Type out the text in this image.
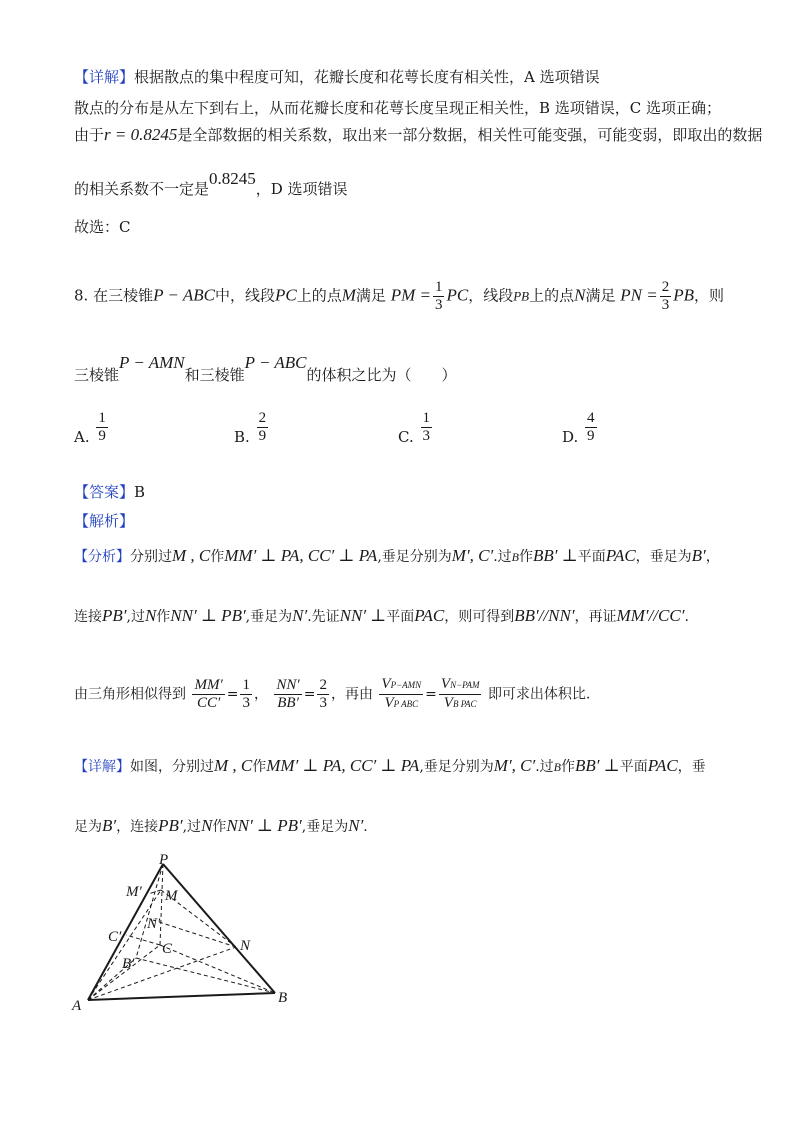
【详解】根据散点的集中程度可知，花瓣长度和花萼长度有相关性，A 选项错误
散点的分布是从左下到右上，从而花瓣长度和花萼长度呈现正相关性，B 选项错误，C 选项正确；
由于r = 0.8245是全部数据的相关系数，取出来一部分数据，相关性可能变强，可能变弱，即取出的数据
的相关系数不一定是0.8245，D 选项错误
故选：C
8. 在三棱锥P − ABC中，线段PC上的点M满足 PM = $\frac{1}{3}$ PC，线段PB上的点N满足 PN = $\frac{2}{3}$ PB，则
三棱锥P − AMN和三棱锥P − ABC的体积之比为（　　）
A. $\frac{1}{9}$	B. $\frac{2}{9}$	C. $\frac{1}{3}$	D. $\frac{4}{9}$
【答案】B
【解析】
【分析】分别过M , C作MM′ ⊥ PA, CC′ ⊥ PA,垂足分别为M′, C′.过B作BB′ ⊥平面PAC，垂足为B′，
连接PB′,过N作NN′ ⊥ PB′,垂足为N′.先证NN′ ⊥平面PAC，则可得到BB′//NN′，再证MM′//CC′.
由三角形相似得到 $\frac{MM'}{CC'} = \frac{1}{3}$ ， $\frac{NN'}{BB'} = \frac{2}{3}$ ，再由 $\frac{\text{VP−AMN}}{\text{VP ABC}} = \frac{\text{VN−PAM}}{\text{VB PAC}}$ 即可求出体积比.
【详解】如图，分别过M , C作MM′ ⊥ PA, CC′ ⊥ PA,垂足分别为M′, C′.过B作BB′ ⊥平面PAC，垂
足为B′，连接PB′,过N作NN′ ⊥ PB′,垂足为N′.
P
M′ M
N′
C′
C
B′
N
A	B
